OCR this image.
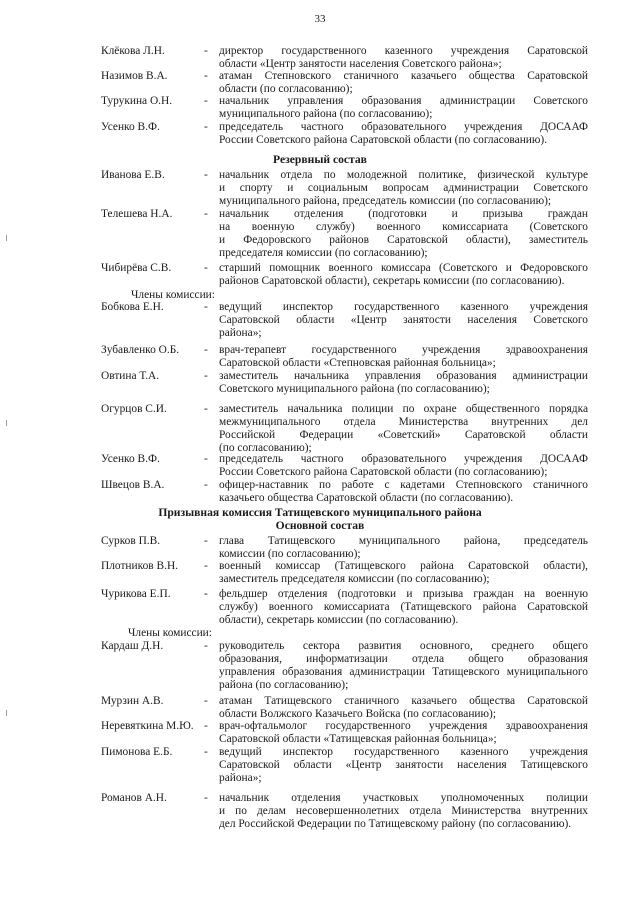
33
Клёкова Л.Н.	- директор государственного казенного учреждения Саратовской
области «Центр занятости населения Советского района»;
Назимов В.А.	- атаман Степновского станичного казачьего общества Саратовской
области (по согласованию);
Турукина О.Н.	- начальник управления образования администрации Советского
муниципального района (по согласованию);
Усенко В.Ф.	- председатель частного образовательного учреждения ДОСААФ
России Советского района Саратовской области (по согласованию).
Иванова Е.В.	- начальник отдела по молодежной политике, физической культуре
и спорту и социальным вопросам администрации Советского
муниципального района, председатель комиссии (по согласованию);
Телешева Н.А.	- начальник отделения (подготовки и призыва граждан
на военную службу) военного комиссариата (Советского
и Федоровского районов Саратовской области), заместитель
председателя комиссии (по согласованию);
Чибирёва С.В.	- старший помощник военного комиссара (Советского и Федоровского
районов Саратовской области), секретарь комиссии (по согласованию).
Бобкова Е.Н.	- ведущий инспектор государственного казенного учреждения
Саратовской области «Центр занятости населения Советского
района»;
Зубавленко О.Б. - врач-терапевт государственного учреждения здравоохранения
Саратовской области «Степновская районная больница»;
Овтина Т.А.	- заместитель начальника управления образования администрации
Советского муниципального района (по согласованию);
Огурцов С.И.	- заместитель начальника полиции по охране общественного порядка
межмуниципального отдела Министерства внутренних дел
Российской Федерации «Советский» Саратовской области
(по согласованию);
Усенко В.Ф.	- председатель частного образовательного учреждения ДОСААФ
России Советского района Саратовской области (по согласованию);
Швецов В.А.	- офицер-наставник по работе с кадетами Степновского станичного
казачьего общества Саратовской области (по согласованию).
Сурков П.В.	- глава Татищевского муниципального района, председатель
комиссии (по согласованию);
Плотников В.Н. - военный комиссар (Татищевского района Саратовской области),
заместитель председателя комиссии (по согласованию);
Чурикова Е.П.	- фельдшер отделения (подготовки и призыва граждан на военную
службу) военного комиссариата (Татищевского района Саратовской
области), секретарь комиссии (по согласованию).
Кардаш Д.Н.	- руководитель сектора развития основного, среднего общего
образования, информатизации отдела общего образования
управления образования администрации Татищевского муниципального
района (по согласованию);
Мурзин А.В.	- атаман Татищевского станичного казачьего общества Саратовской
области Волжского Казачьего Войска (по согласованию);
Неревяткина М.Ю. - врач-офтальмолог государственного учреждения здравоохранения
Саратовской области «Татищевская районная больница»;
Пимонова Е.Б.	- ведущий инспектор государственного казенного учреждения
Саратовской области «Центр занятости населения Татищевского
района»;
Романов А.Н.	- начальник отделения участковых уполномоченных полиции
и по делам несовершеннолетних отдела Министерства внутренних
дел Российской Федерации по Татищевскому району (по согласованию).
Резервный состав
Члены комиссии:
Призывная комиссия Татищевского муниципального района
Основной состав
Члены комиссии:
